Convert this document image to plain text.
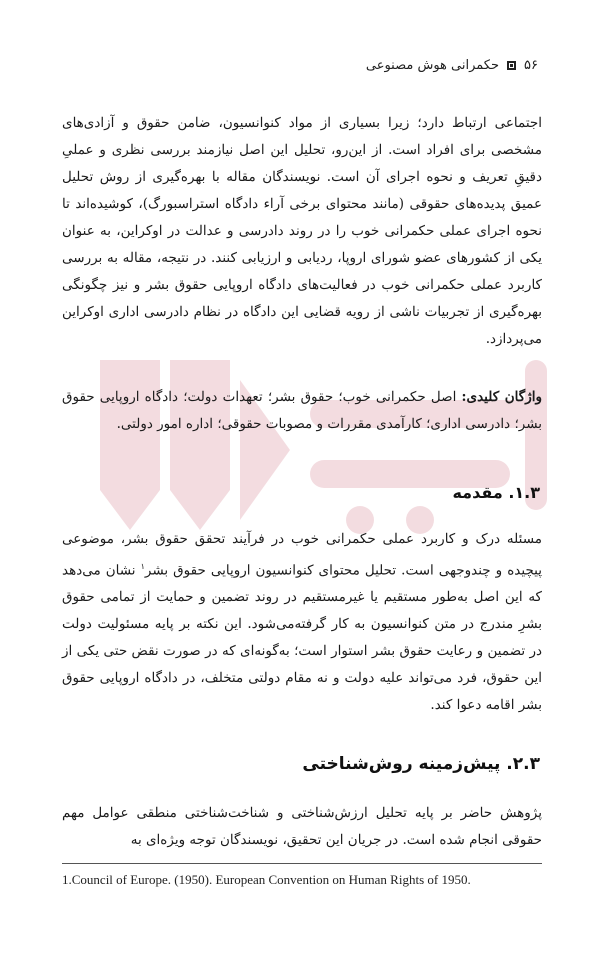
۵۶
حکمرانی هوش مصنوعی

اجتماعی ارتباط دارد؛ زیرا بسیاری از مواد کنوانسیون، ضامن حقوق و آزادی‌های مشخصی برای افراد است. از این‌رو، تحلیل این اصل نیازمند بررسی نظری و عملیِ دقیقِ تعریف و نحوه اجرای آن است. نویسندگان مقاله با بهره‌گیری از روش تحلیل عمیق پدیده‌های حقوقی (مانند محتوای برخی آراء دادگاه استراسبورگ)، کوشیده‌اند تا نحوه اجرای عملی حکمرانی خوب را در روند دادرسی و عدالت در اوکراین، به عنوان یکی از کشورهای عضو شورای اروپا، ردیابی و ارزیابی کنند. در نتیجه، مقاله به بررسی کاربرد عملی حکمرانی خوب در فعالیت‌های دادگاه اروپایی حقوق بشر و نیز چگونگی بهره‌گیری از تجربیات ناشی از رویه قضایی این دادگاه در نظام دادرسی اداری اوکراین می‌پردازد.

واژگان کلیدی: اصل حکمرانی خوب؛ حقوق بشر؛ تعهدات دولت؛ دادگاه اروپایی حقوق بشر؛ دادرسی اداری؛ کارآمدی مقررات و مصوبات حقوقی؛ اداره امور دولتی.

۱.۳. مقدمه

مسئله درک و کاربرد عملی حکمرانی خوب در فرآیند تحقق حقوق بشر، موضوعی پیچیده و چندوجهی است. تحلیل محتوای کنوانسیون اروپایی حقوق بشر$^۱$ نشان می‌دهد که این اصل به‌طور مستقیم یا غیرمستقیم در روند تضمین و حمایت از تمامی حقوق بشرِ مندرج در متن کنوانسیون به کار گرفته‌می‌شود. این نکته بر پایه مسئولیت دولت در تضمین و رعایت حقوق بشر استوار است؛ به‌گونه‌ای که در صورت نقض حتی یکی از این حقوق، فرد می‌تواند علیه دولت و نه مقام دولتی متخلف، در دادگاه اروپایی حقوق بشر اقامه دعوا کند.

۲.۳. پیش‌زمینه روش‌شناختی

پژوهش حاضر بر پایه تحلیل ارزش‌شناختی و شناخت‌شناختی منطقی عوامل مهم حقوقی انجام شده است. در جریان این تحقیق، نویسندگان توجه ویژه‌ای به

1.Council of Europe. (1950). European Convention on Human Rights of 1950.
